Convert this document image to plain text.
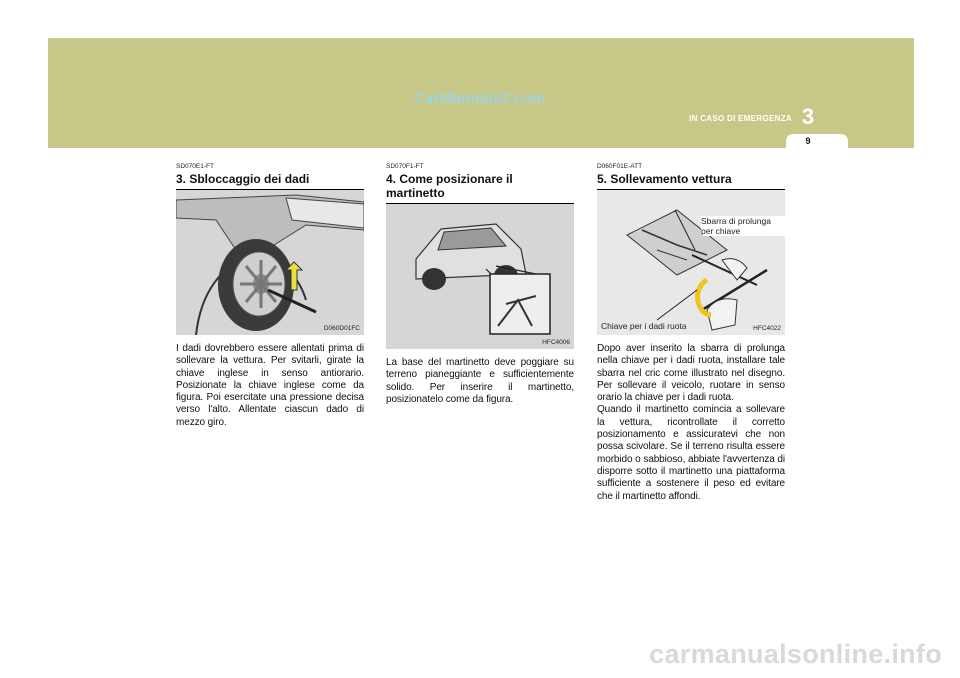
CarManuals2.com
IN CASO DI EMERGENZA 3
9
SD070E1-FT
3. Sbloccaggio dei dadi
D060D01FC
I dadi dovrebbero essere allentati prima di sollevare la vettura. Per svitarli, girate la chiave inglese in senso antiorario. Posizionate la chiave inglese come da figura. Poi esercitate una pressione decisa verso l'alto. Allentate ciascun dado di mezzo giro.
SD070F1-FT
4. Come posizionare il martinetto
HFC4006
La base del martinetto deve poggiare su terreno pianeggiante e sufficientemente solido. Per inserire il martinetto, posizionatelo come da figura.
D060F01E-ATT
5. Sollevamento vettura
Sbarra di prolunga per chiave
Chiave per i dadi ruota	HFC4022
Dopo aver inserito la sbarra di prolunga nella chiave per i dadi ruota, installare tale sbarra nel cric come illustrato nel disegno. Per sollevare il veicolo, ruotare in senso orario la chiave per i dadi ruota.
Quando il martinetto comincia a sollevare la vettura, ricontrollate il corretto posizionamento e assicuratevi che non possa scivolare. Se il terreno risulta essere morbido o sabbioso, abbiate l'avvertenza di disporre sotto il martinetto una piattaforma sufficiente a sostenere il peso ed evitare che il martinetto affondi.
carmanualsonline.info
